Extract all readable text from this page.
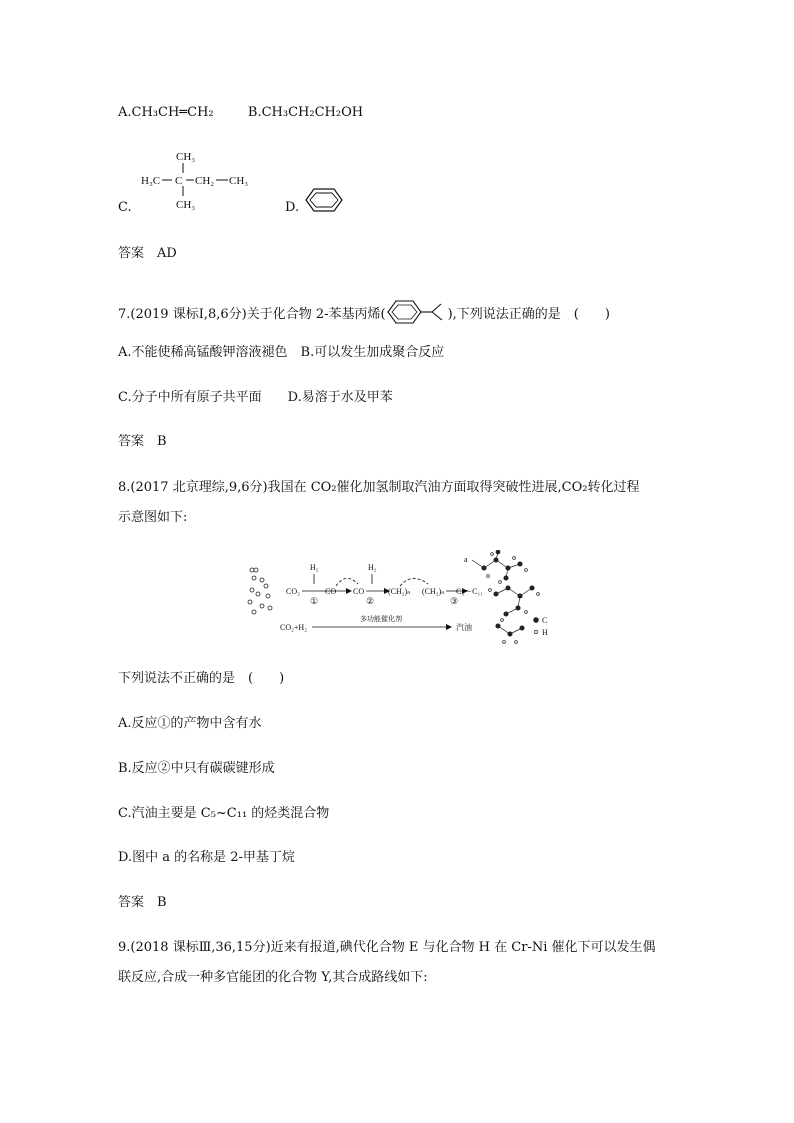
A.CH₃CH═CH₂	B.CH₃CH₂CH₂OH
C.
CH₃
H₃C C CH₂ CH₃
CH₃	D.
答案　AD
7.(2019 课标Ⅰ,8,6分)关于化合物 2-苯基丙烯(	),下列说法正确的是　(　　)
A.不能使稀高锰酸钾溶液褪色　B.可以发生加成聚合反应
C.分子中所有原子共平面　　D.易溶于水及甲苯
答案　B
8.(2017 北京理综,9,6分)我国在 CO₂催化加氢制取汽油方面取得突破性进展,CO₂转化过程
示意图如下:
CO₂
H₂
①
CO CO
H₂
②
(CH₂)ₙ (CH₂)ₙ
③
C₅～C₁₁
CO₂+H₂
多功能催化剂
汽油
a
C
H
下列说法不正确的是　(　　)
A.反应①的产物中含有水
B.反应②中只有碳碳键形成
C.汽油主要是 C₅~C₁₁ 的烃类混合物
D.图中 a 的名称是 2-甲基丁烷
答案　B
9.(2018 课标Ⅲ,36,15分)近来有报道,碘代化合物 E 与化合物 H 在 Cr-Ni 催化下可以发生偶
联反应,合成一种多官能团的化合物 Y,其合成路线如下:
